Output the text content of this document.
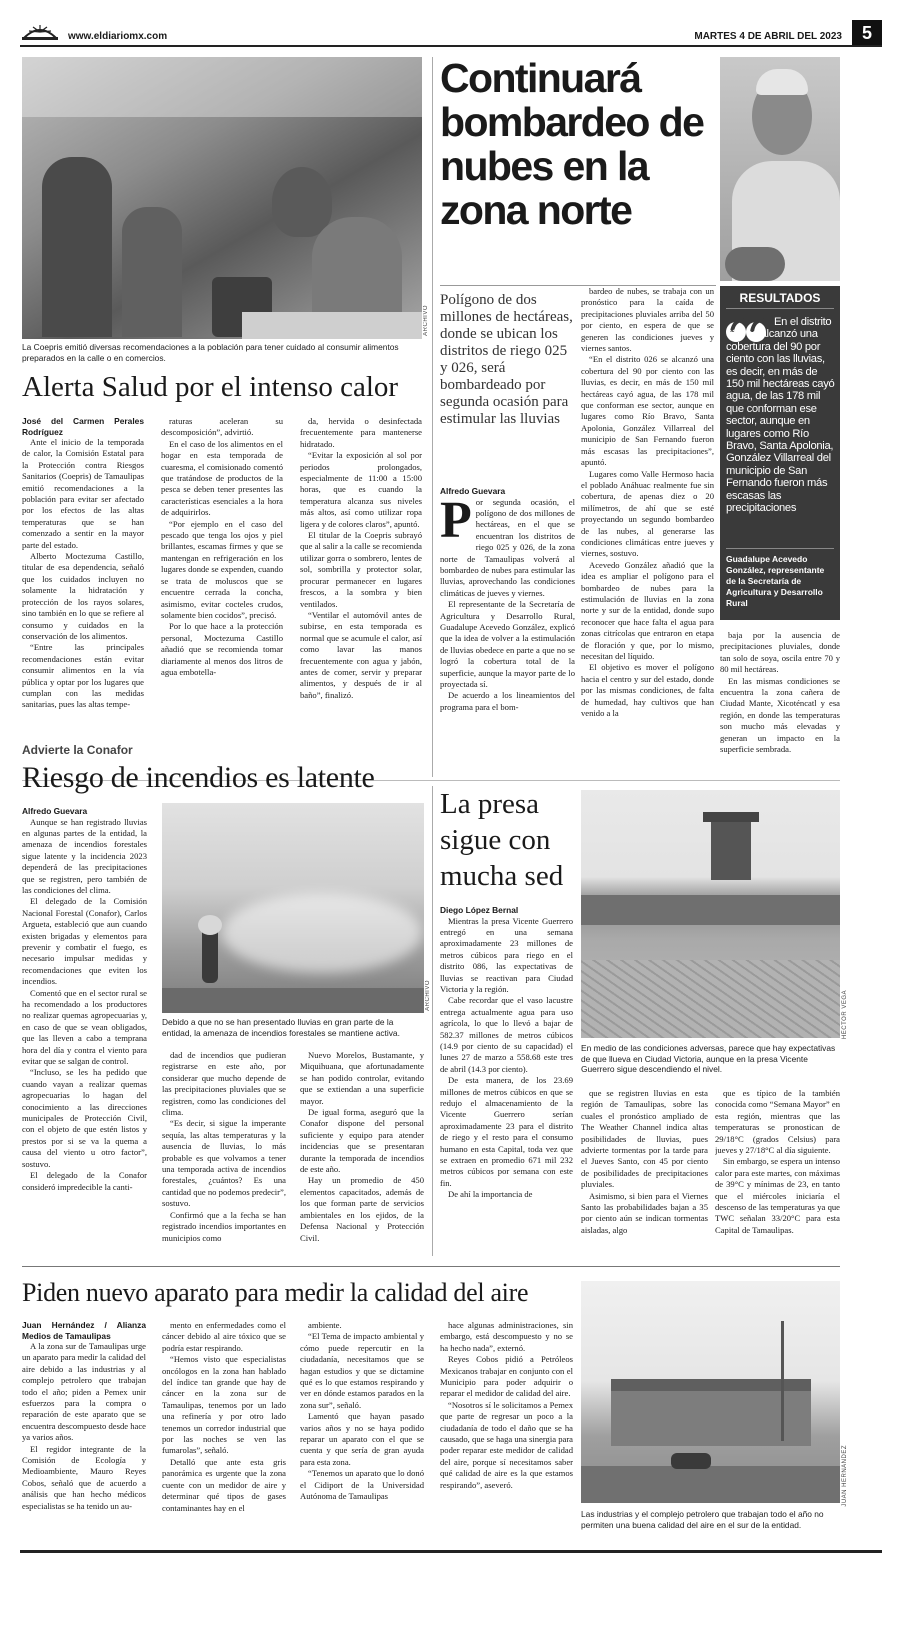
www.eldiariomx.com	MARTES 4 DE ABRIL DEL 2023	5
ARCHIVO
La Coepris emitió diversas recomendaciones a la población para tener cuidado al consumir alimentos preparados en la calle o en comercios.
Alerta Salud por el intenso calor

José del Carmen Perales Rodríguez

Ante el inicio de la temporada de calor, la Comisión Estatal para la Protección contra Riesgos Sanitarios (Coepris) de Tamaulipas emitió recomendaciones a la población para evitar ser afectado por los efectos de las altas temperaturas que se han comenzado a sentir en la mayor parte del estado.

Alberto Moctezuma Castillo, titular de esa dependencia, señaló que los cuidados incluyen no solamente la hidratación y protección de los rayos solares, sino también en lo que se refiere al consumo y cuidados en la conservación de los alimentos.

“Entre las principales recomendaciones están evitar consumir alimentos en la vía pública y optar por los lugares que cumplan con las medidas sanitarias, pues las altas tempe-

raturas aceleran su descomposición”, advirtió.

En el caso de los alimentos en el hogar en esta temporada de cuaresma, el comisionado comentó que tratándose de productos de la pesca se deben tener presentes las características esenciales a la hora de adquirirlos.

“Por ejemplo en el caso del pescado que tenga los ojos y piel brillantes, escamas firmes y que se mantengan en refrigeración en los lugares donde se expenden, cuando se trata de moluscos que se encuentre cerrada la concha, asimismo, evitar cocteles crudos, solamente bien cocidos”, precisó.

Por lo que hace a la protección personal, Moctezuma Castillo añadió que se recomienda tomar diariamente al menos dos litros de agua embotella-

da, hervida o desinfectada frecuentemente para mantenerse hidratado.

“Evitar la exposición al sol por periodos prolongados, especialmente de 11:00 a 15:00 horas, que es cuando la temperatura alcanza sus niveles más altos, así como utilizar ropa ligera y de colores claros”, apuntó.

El titular de la Coepris subrayó que al salir a la calle se recomienda utilizar gorra o sombrero, lentes de sol, sombrilla y protector solar, procurar permanecer en lugares frescos, a la sombra y bien ventilados.

“Ventilar el automóvil antes de subirse, en esta temporada es normal que se acumule el calor, así como lavar las manos frecuentemente con agua y jabón, antes de comer, servir y preparar alimentos, y después de ir al baño”, finalizó.

Continuará bombardeo de nubes en la zona norte
Polígono de dos millones de hectáreas, donde se ubican los distritos de riego 025 y 026, será bombardeado por segunda ocasión para estimular las lluvias

Alfredo Guevara

Por segunda ocasión, el polígono de dos millones de hectáreas, en el que se encuentran los distritos de riego 025 y 026, de la zona norte de Tamaulipas volverá al bombardeo de nubes para estimular las lluvias, aprovechando las condiciones climáticas de jueves y viernes.

El representante de la Secretaría de Agricultura y Desarrollo Rural, Guadalupe Acevedo González, explicó que la idea de volver a la estimulación de lluvias obedece en parte a que no se logró la cobertura total de la superficie, aunque la mayor parte de lo proyectada sí.

De acuerdo a los lineamientos del programa para el bom-

bardeo de nubes, se trabaja con un pronóstico para la caída de precipitaciones pluviales arriba del 50 por ciento, en espera de que se generen las condiciones jueves y viernes santos.

“En el distrito 026 se alcanzó una cobertura del 90 por ciento con las lluvias, es decir, en más de 150 mil hectáreas cayó agua, de las 178 mil que conforman ese sector, aunque en lugares como Río Bravo, Santa Apolonia, González Villarreal del municipio de San Fernando fueron más escasas las precipitaciones”, apuntó.

Lugares como Valle Hermoso hacia el poblado Anáhuac realmente fue sin cobertura, de apenas diez o 20 milímetros, de ahí que se esté proyectando un segundo bombardeo de las nubes, al generarse las condiciones climáticas entre jueves y viernes, sostuvo.

Acevedo González añadió que la idea es ampliar el polígono para el bombardeo de nubes para la estimulación de lluvias en la zona norte y sur de la entidad, donde supo reconocer que hace falta el agua para zonas citrícolas que entraron en etapa de floración y que, por lo mismo, necesitan del líquido.

El objetivo es mover el polígono hacia el centro y sur del estado, donde por las mismas condiciones, de falta de humedad, hay cultivos que han venido a la

RESULTADOS
En el distrito 026 se alcanzó una cobertura del 90 por ciento con las lluvias, es decir, en más de 150 mil hectáreas cayó agua, de las 178 mil que conforman ese sector, aunque en lugares como Río Bravo, Santa Apolonia, González Villarreal del municipio de San Fernando fueron más escasas las precipitaciones
Guadalupe Acevedo González, representante de la Secretaría de Agricultura y Desarrollo Rural

baja por la ausencia de precipitaciones pluviales, donde tan solo de soya, oscila entre 70 y 80 mil hectáreas.

En las mismas condiciones se encuentra la zona cañera de Ciudad Mante, Xicoténcatl y esa región, en donde las temperaturas son mucho más elevadas y generan un impacto en la superficie sembrada.

Advierte la Conafor
Riesgo de incendios es latente

Alfredo Guevara

Aunque se han registrado lluvias en algunas partes de la entidad, la amenaza de incendios forestales sigue latente y la incidencia 2023 dependerá de las precipitaciones que se registren, pero también de las condiciones del clima.

El delegado de la Comisión Nacional Forestal (Conafor), Carlos Argueta, estableció que aun cuando existen brigadas y elementos para prevenir y combatir el fuego, es necesario impulsar medidas y recomendaciones que eviten los incendios.

Comentó que en el sector rural se ha recomendado a los productores no realizar quemas agropecuarias y, en caso de que se vean obligados, que las lleven a cabo a temprana hora del día y contra el viento para evitar que se salgan de control.

“Incluso, se les ha pedido que cuando vayan a realizar quemas agropecuarias lo hagan del conocimiento a las direcciones municipales de Protección Civil, con el objeto de que estén listos y prestos por si se va la quema a causa del viento u otro factor”, sostuvo.

El delegado de la Conafor consideró impredecible la canti-

ARCHIVO
Debido a que no se han presentado lluvias en gran parte de la entidad, la amenaza de incendios forestales se mantiene activa.

dad de incendios que pudieran registrarse en este año, por considerar que mucho depende de las precipitaciones pluviales que se registren, como las condiciones del clima.

“Es decir, si sigue la imperante sequía, las altas temperaturas y la ausencia de lluvias, lo más probable es que volvamos a tener una temporada activa de incendios forestales, ¿cuántos? Es una cantidad que no podemos predecir”, sostuvo.

Confirmó que a la fecha se han registrado incendios importantes en municipios como

Nuevo Morelos, Bustamante, y Miquihuana, que afortunadamente se han podido controlar, evitando que se extiendan a una superficie mayor.

De igual forma, aseguró que la Conafor dispone del personal suficiente y equipo para atender incidencias que se presentaran durante la temporada de incendios de este año.

Hay un promedio de 450 elementos capacitados, además de los que forman parte de servicios ambientales en los ejidos, de la Defensa Nacional y Protección Civil.

La presa sigue con mucha sed

Diego López Bernal

Mientras la presa Vicente Guerrero entregó en una semana aproximadamente 23 millones de metros cúbicos para riego en el distrito 086, las expectativas de lluvias se reactivan para Ciudad Victoria y la región.

Cabe recordar que el vaso lacustre entrega actualmente agua para uso agrícola, lo que lo llevó a bajar de 582.37 millones de metros cúbicos (14.9 por ciento de su capacidad) el lunes 27 de marzo a 558.68 este tres de abril (14.3 por ciento).

De esta manera, de los 23.69 millones de metros cúbicos en que se redujo el almacenamiento de la Vicente Guerrero serían aproximadamente 23 para el distrito de riego y el resto para el consumo humano en esta Capital, toda vez que se extraen en promedio 671 mil 232 metros cúbicos por semana con este fin.

De ahí la importancia de

HÉCTOR VEGA
En medio de las condiciones adversas, parece que hay expectativas de que llueva en Ciudad Victoria, aunque en la presa Vicente Guerrero sigue descendiendo el nivel.

que se registren lluvias en esta región de Tamaulipas, sobre las cuales el pronóstico ampliado de The Weather Channel indica altas posibilidades de lluvias, pues advierte tormentas por la tarde para el Jueves Santo, con 45 por ciento de posibilidades de precipitaciones pluviales.

Asimismo, si bien para el Viernes Santo las probabilidades bajan a 35 por ciento aún se indican tormentas aisladas, algo

que es típico de la también conocida como “Semana Mayor” en esta región, mientras que las temperaturas se pronostican de 29/18°C (grados Celsius) para jueves y 27/18°C al día siguiente.

Sin embargo, se espera un intenso calor para este martes, con máximas de 39°C y mínimas de 23, en tanto que el miércoles iniciaría el descenso de las temperaturas ya que TWC señalan 33/20°C para esta Capital de Tamaulipas.

Piden nuevo aparato para medir la calidad del aire

Juan Hernández / Alianza Medios de Tamaulipas

A la zona sur de Tamaulipas urge un aparato para medir la calidad del aire debido a las industrias y al complejo petrolero que trabajan todo el año; piden a Pemex unir esfuerzos para la compra o reparación de este aparato que se encuentra descompuesto desde hace ya varios años.

El regidor integrante de la Comisión de Ecología y Medioambiente, Mauro Reyes Cobos, señaló que de acuerdo a análisis que han hecho médicos especialistas se ha tenido un au-

mento en enfermedades como el cáncer debido al aire tóxico que se podría estar respirando.

“Hemos visto que especialistas oncólogos en la zona han hablado del índice tan grande que hay de cáncer en la zona sur de Tamaulipas, tenemos por un lado una refinería y por otro lado tenemos un corredor industrial que por las noches se ven las fumarolas”, señaló.

Detalló que ante esta gris panorámica es urgente que la zona cuente con un medidor de aire y determinar qué tipos de gases contaminantes hay en el

ambiente.

“El Tema de impacto ambiental y cómo puede repercutir en la ciudadanía, necesitamos que se hagan estudios y que se dictamine qué es lo que estamos respirando y ver en dónde estamos parados en la zona sur”, señaló.

Lamentó que hayan pasado varios años y no se haya podido reparar un aparato con el que se cuenta y que sería de gran ayuda para esta zona.

“Tenemos un aparato que lo donó el Cidiport de la Universidad Autónoma de Tamaulipas

hace algunas administraciones, sin embargo, está descompuesto y no se ha hecho nada”, externó.

Reyes Cobos pidió a Petróleos Mexicanos trabajar en conjunto con el Municipio para poder adquirir o reparar el medidor de calidad del aire.

“Nosotros sí le solicitamos a Pemex que parte de regresar un poco a la ciudadanía de todo el daño que se ha causado, que se haga una sinergia para poder reparar este medidor de calidad del aire, porque sí necesitamos saber qué calidad de aire es la que estamos respirando”, aseveró.	JUAN HERNÁNDEZ
Las industrias y el complejo petrolero que trabajan todo el año no permiten una buena calidad del aire en el sur de la entidad.
